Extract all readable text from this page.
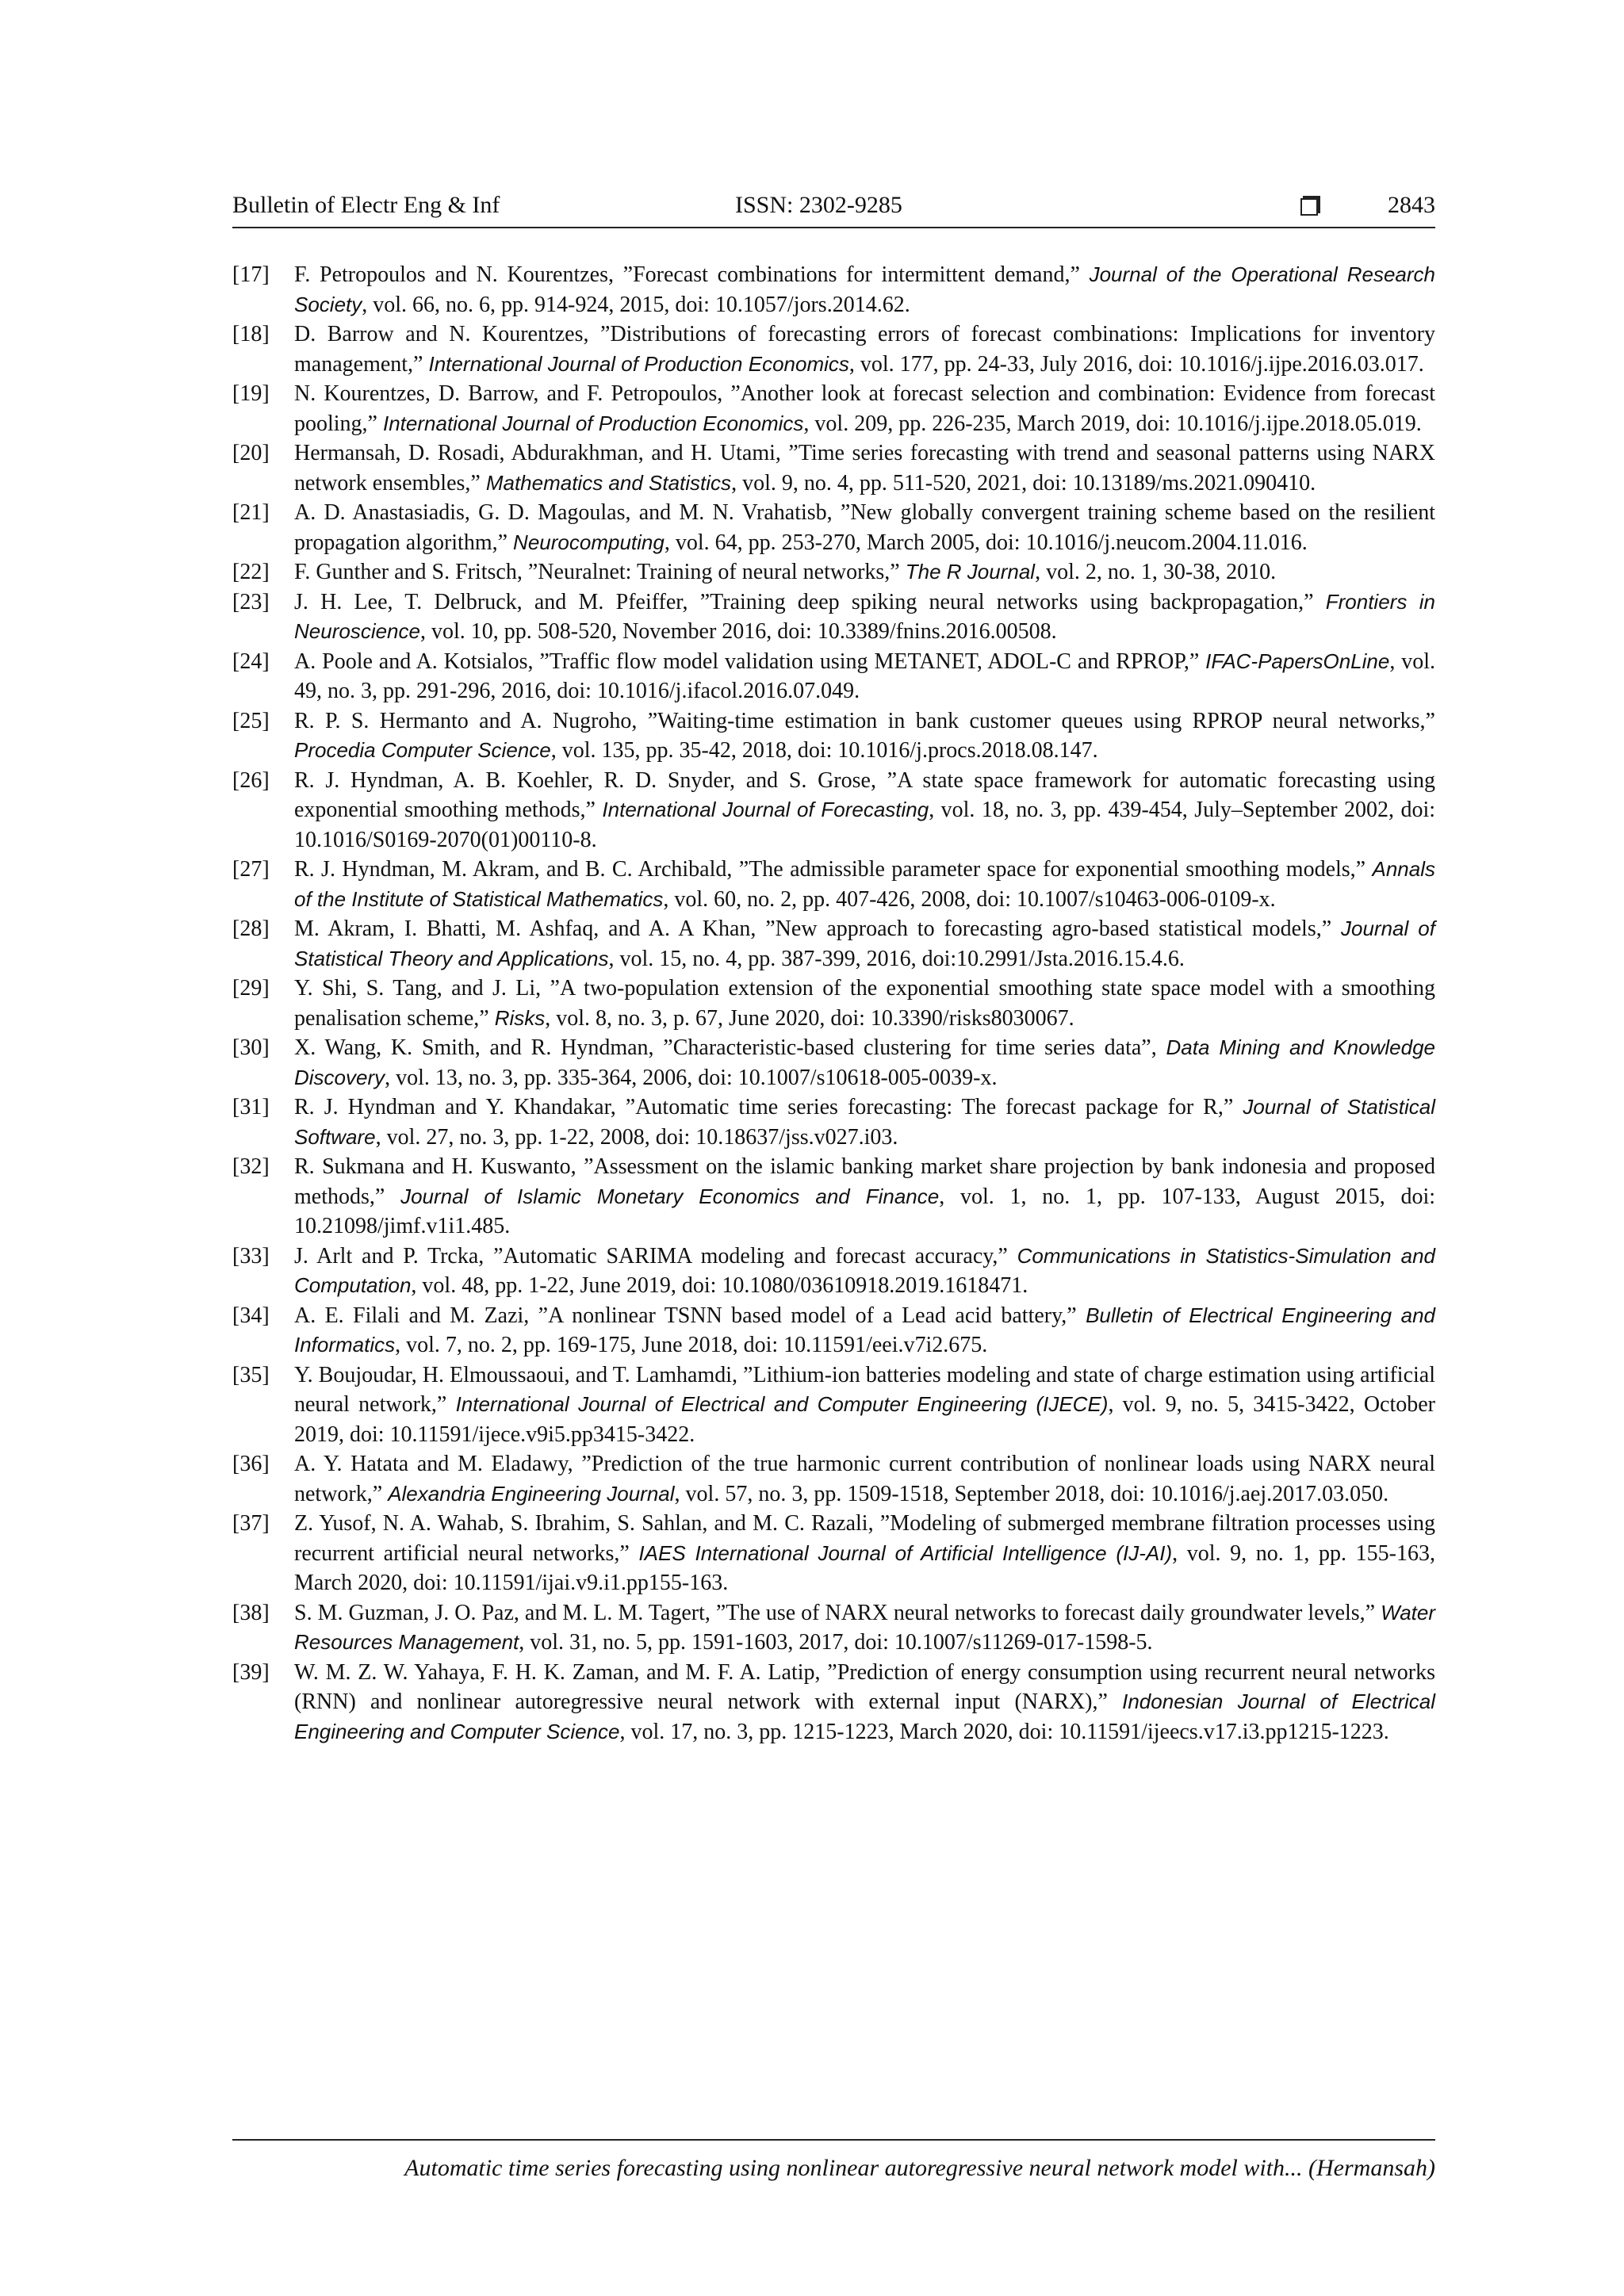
Bulletin of Electr Eng & Inf	ISSN: 2302-9285	2843
[17] F. Petropoulos and N. Kourentzes, ”Forecast combinations for intermittent demand,” Journal of the Operational Research Society, vol. 66, no. 6, pp. 914-924, 2015, doi: 10.1057/jors.2014.62.
[18] D. Barrow and N. Kourentzes, ”Distributions of forecasting errors of forecast combinations: Implications for inventory management,” International Journal of Production Economics, vol. 177, pp. 24-33, July 2016, doi: 10.1016/j.ijpe.2016.03.017.
[19] N. Kourentzes, D. Barrow, and F. Petropoulos, ”Another look at forecast selection and combination: Evidence from forecast pooling,” International Journal of Production Economics, vol. 209, pp. 226-235, March 2019, doi: 10.1016/j.ijpe.2018.05.019.
[20] Hermansah, D. Rosadi, Abdurakhman, and H. Utami, ”Time series forecasting with trend and seasonal patterns using NARX network ensembles,” Mathematics and Statistics, vol. 9, no. 4, pp. 511-520, 2021, doi: 10.13189/ms.2021.090410.
[21] A. D. Anastasiadis, G. D. Magoulas, and M. N. Vrahatisb, ”New globally convergent training scheme based on the resilient propagation algorithm,” Neurocomputing, vol. 64, pp. 253-270, March 2005, doi: 10.1016/j.neucom.2004.11.016.
[22] F. Gunther and S. Fritsch, ”Neuralnet: Training of neural networks,” The R Journal, vol. 2, no. 1, 30-38, 2010.
[23] J. H. Lee, T. Delbruck, and M. Pfeiffer, ”Training deep spiking neural networks using backpropagation,” Frontiers in Neuroscience, vol. 10, pp. 508-520, November 2016, doi: 10.3389/fnins.2016.00508.
[24] A. Poole and A. Kotsialos, ”Traffic flow model validation using METANET, ADOL-C and RPROP,” IFAC-PapersOnLine, vol. 49, no. 3, pp. 291-296, 2016, doi: 10.1016/j.ifacol.2016.07.049.
[25] R. P. S. Hermanto and A. Nugroho, ”Waiting-time estimation in bank customer queues using RPROP neural networks,” Procedia Computer Science, vol. 135, pp. 35-42, 2018, doi: 10.1016/j.procs.2018.08.147.
[26] R. J. Hyndman, A. B. Koehler, R. D. Snyder, and S. Grose, ”A state space framework for automatic forecasting using exponential smoothing methods,” International Journal of Forecasting, vol. 18, no. 3, pp. 439-454, July–September 2002, doi: 10.1016/S0169-2070(01)00110-8.
[27] R. J. Hyndman, M. Akram, and B. C. Archibald, ”The admissible parameter space for exponential smoothing models,” Annals of the Institute of Statistical Mathematics, vol. 60, no. 2, pp. 407-426, 2008, doi: 10.1007/s10463-006-0109-x.
[28] M. Akram, I. Bhatti, M. Ashfaq, and A. A Khan, ”New approach to forecasting agro-based statistical models,” Journal of Statistical Theory and Applications, vol. 15, no. 4, pp. 387-399, 2016, doi:10.2991/Jsta.2016.15.4.6.
[29] Y. Shi, S. Tang, and J. Li, ”A two-population extension of the exponential smoothing state space model with a smoothing penalisation scheme,” Risks, vol. 8, no. 3, p. 67, June 2020, doi: 10.3390/risks8030067.
[30] X. Wang, K. Smith, and R. Hyndman, ”Characteristic-based clustering for time series data”, Data Mining and Knowledge Discovery, vol. 13, no. 3, pp. 335-364, 2006, doi: 10.1007/s10618-005-0039-x.
[31] R. J. Hyndman and Y. Khandakar, ”Automatic time series forecasting: The forecast package for R,” Journal of Statistical Software, vol. 27, no. 3, pp. 1-22, 2008, doi: 10.18637/jss.v027.i03.
[32] R. Sukmana and H. Kuswanto, ”Assessment on the islamic banking market share projection by bank indonesia and proposed methods,” Journal of Islamic Monetary Economics and Finance, vol. 1, no. 1, pp. 107-133, August 2015, doi: 10.21098/jimf.v1i1.485.
[33] J. Arlt and P. Trcka, ”Automatic SARIMA modeling and forecast accuracy,” Communications in Statistics-Simulation and Computation, vol. 48, pp. 1-22, June 2019, doi: 10.1080/03610918.2019.1618471.
[34] A. E. Filali and M. Zazi, ”A nonlinear TSNN based model of a Lead acid battery,” Bulletin of Electrical Engineering and Informatics, vol. 7, no. 2, pp. 169-175, June 2018, doi: 10.11591/eei.v7i2.675.
[35] Y. Boujoudar, H. Elmoussaoui, and T. Lamhamdi, ”Lithium-ion batteries modeling and state of charge estimation using artificial neural network,” International Journal of Electrical and Computer Engineering (IJECE), vol. 9, no. 5, 3415-3422, October 2019, doi: 10.11591/ijece.v9i5.pp3415-3422.
[36] A. Y. Hatata and M. Eladawy, ”Prediction of the true harmonic current contribution of nonlinear loads using NARX neural network,” Alexandria Engineering Journal, vol. 57, no. 3, pp. 1509-1518, September 2018, doi: 10.1016/j.aej.2017.03.050.
[37] Z. Yusof, N. A. Wahab, S. Ibrahim, S. Sahlan, and M. C. Razali, ”Modeling of submerged membrane filtration processes using recurrent artificial neural networks,” IAES International Journal of Artificial Intelligence (IJ-AI), vol. 9, no. 1, pp. 155-163, March 2020, doi: 10.11591/ijai.v9.i1.pp155-163.
[38] S. M. Guzman, J. O. Paz, and M. L. M. Tagert, ”The use of NARX neural networks to forecast daily groundwater levels,” Water Resources Management, vol. 31, no. 5, pp. 1591-1603, 2017, doi: 10.1007/s11269-017-1598-5.
[39] W. M. Z. W. Yahaya, F. H. K. Zaman, and M. F. A. Latip, ”Prediction of energy consumption using recurrent neural networks (RNN) and nonlinear autoregressive neural network with external input (NARX),” Indonesian Journal of Electrical Engineering and Computer Science, vol. 17, no. 3, pp. 1215-1223, March 2020, doi: 10.11591/ijeecs.v17.i3.pp1215-1223.
Automatic time series forecasting using nonlinear autoregressive neural network model with... (Hermansah)
